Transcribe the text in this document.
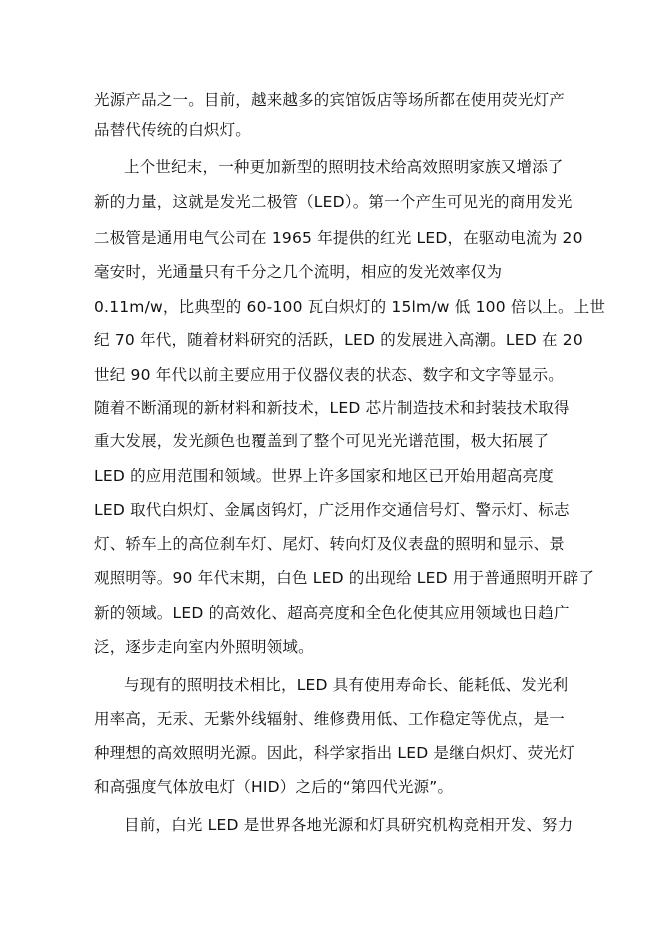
光源产品之一。目前，越来越多的宾馆饭店等场所都在使用荧光灯产
品替代传统的白炽灯。
上个世纪末，一种更加新型的照明技术给高效照明家族又增添了
新的力量，这就是发光二极管（LED）。第一个产生可见光的商用发光
二极管是通用电气公司在 1965 年提供的红光 LED，在驱动电流为 20
毫安时，光通量只有千分之几个流明，相应的发光效率仅为
0.11m/w，比典型的 60-100 瓦白炽灯的 15lm/w 低 100 倍以上。上世
纪 70 年代，随着材料研究的活跃，LED 的发展进入高潮。LED 在 20
世纪 90 年代以前主要应用于仪器仪表的状态、数字和文字等显示。
随着不断涌现的新材料和新技术，LED 芯片制造技术和封装技术取得
重大发展，发光颜色也覆盖到了整个可见光光谱范围，极大拓展了
LED 的应用范围和领域。世界上许多国家和地区已开始用超高亮度
LED 取代白炽灯、金属卤钨灯，广泛用作交通信号灯、警示灯、标志
灯、轿车上的高位刹车灯、尾灯、转向灯及仪表盘的照明和显示、景
观照明等。90 年代末期，白色 LED 的出现给 LED 用于普通照明开辟了
新的领域。LED 的高效化、超高亮度和全色化使其应用领域也日趋广
泛，逐步走向室内外照明领域。
与现有的照明技术相比，LED 具有使用寿命长、能耗低、发光利
用率高，无汞、无紫外线辐射、维修费用低、工作稳定等优点，是一
种理想的高效照明光源。因此，科学家指出 LED 是继白炽灯、荧光灯
和高强度气体放电灯（HID）之后的“第四代光源”。
目前，白光 LED 是世界各地光源和灯具研究机构竞相开发、努力
